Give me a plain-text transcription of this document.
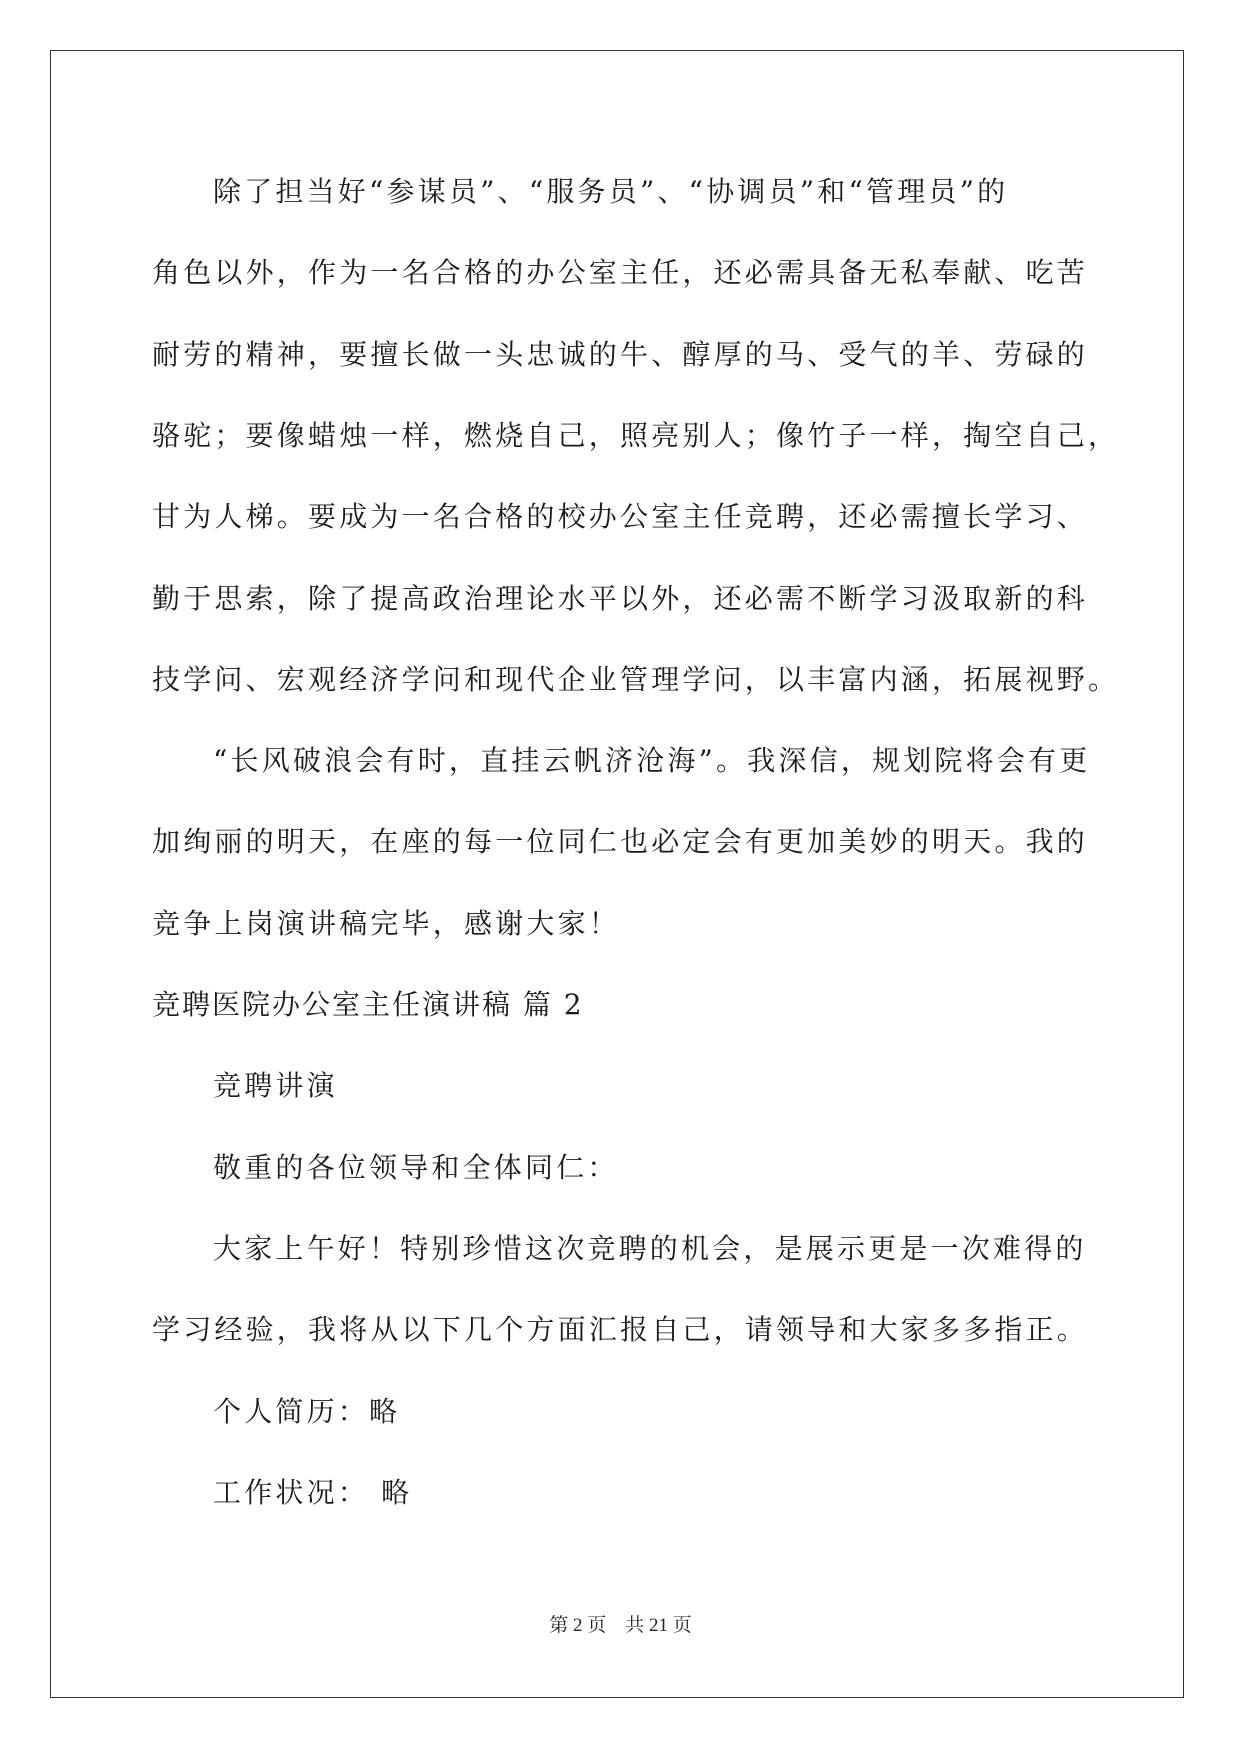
除了担当好“参谋员”、“服务员”、“协调员”和“管理员”的
角色以外，作为一名合格的办公室主任，还必需具备无私奉献、吃苦
耐劳的精神，要擅长做一头忠诚的牛、醇厚的马、受气的羊、劳碌的
骆驼；要像蜡烛一样，燃烧自己，照亮别人；像竹子一样，掏空自己，
甘为人梯。要成为一名合格的校办公室主任竞聘，还必需擅长学习、
勤于思索，除了提高政治理论水平以外，还必需不断学习汲取新的科
技学问、宏观经济学问和现代企业管理学问，以丰富内涵，拓展视野。
“长风破浪会有时，直挂云帆济沧海”。我深信，规划院将会有更
加绚丽的明天，在座的每一位同仁也必定会有更加美妙的明天。我的
竞争上岗演讲稿完毕，感谢大家！
竞聘医院办公室主任演讲稿 篇 2
竞聘讲演
敬重的各位领导和全体同仁：
大家上午好！特别珍惜这次竞聘的机会，是展示更是一次难得的
学习经验，我将从以下几个方面汇报自己，请领导和大家多多指正。
个人简历：略
工作状况： 略
第 2 页    共 21 页
